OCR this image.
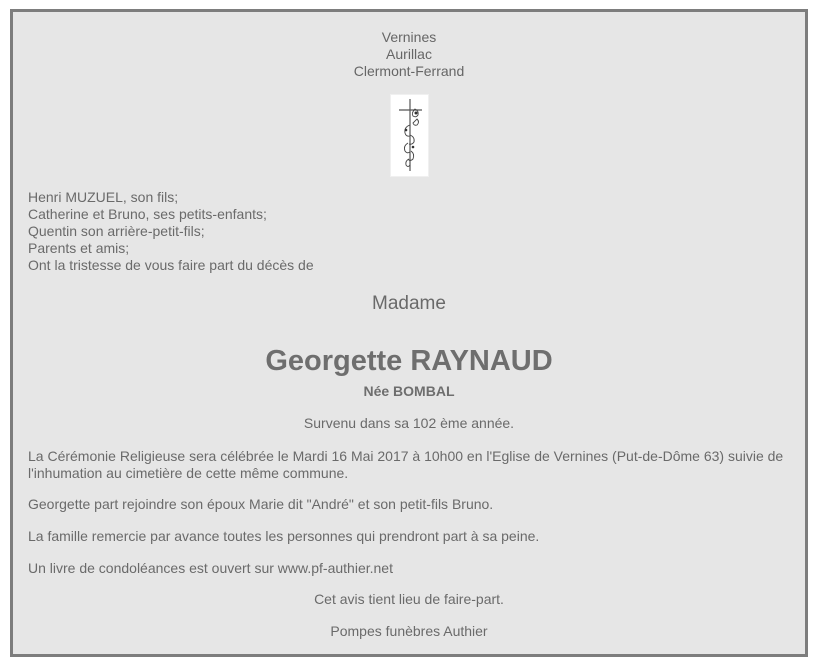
Vernines
Aurillac
Clermont-Ferrand
Henri MUZUEL, son fils;
Catherine et Bruno, ses petits-enfants;
Quentin son arrière-petit-fils;
Parents et amis;
Ont la tristesse de vous faire part du décès de
Madame
Georgette RAYNAUD
Née BOMBAL
Survenu dans sa 102 ème année.
La Cérémonie Religieuse sera célébrée le Mardi 16 Mai 2017 à 10h00 en l'Eglise de Vernines (Put-de-Dôme 63) suivie de l'inhumation au cimetière de cette même commune.
Georgette part rejoindre son époux Marie dit "André" et son petit-fils Bruno.
La famille remercie par avance toutes les personnes qui prendront part à sa peine.
Un livre de condoléances est ouvert sur www.pf-authier.net
Cet avis tient lieu de faire-part.
Pompes funèbres Authier
